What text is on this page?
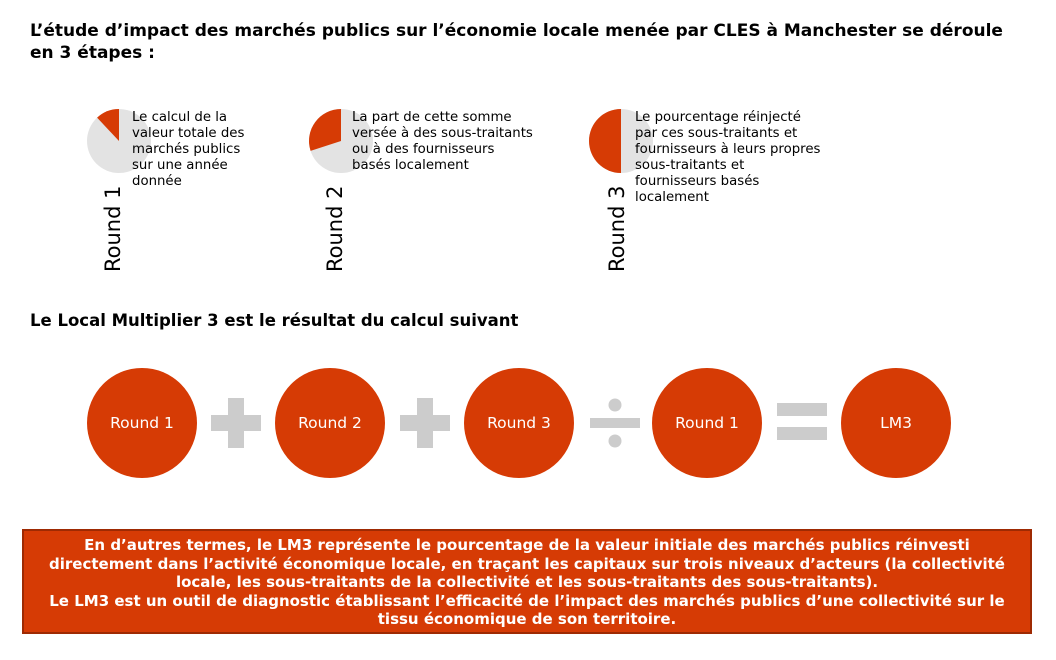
L’étude d’impact des marchés publics sur l’économie locale menée par CLES à Manchester se déroule en 3 étapes :
Round 1
Le calcul de la valeur totale des marchés publics sur une année donnée
Round 2
La part de cette somme versée à des sous-traitants ou à des fournisseurs basés localement
Round 3
Le pourcentage réinjecté par ces sous-traitants et fournisseurs à leurs propres sous-traitants et fournisseurs basés localement
Le Local Multiplier 3 est le résultat du calcul suivant
Round 1	Round 2	Round 3	Round 1	LM3

En d’autres termes, le LM3 représente le pourcentage de la valeur initiale des marchés publics réinvesti directement dans l’activité économique locale, en traçant les capitaux sur trois niveaux d’acteurs (la collectivité locale, les sous-traitants de la collectivité et les sous-traitants des sous-traitants).

Le LM3 est un outil de diagnostic établissant l’efficacité de l’impact des marchés publics d’une collectivité sur le tissu économique de son territoire.
